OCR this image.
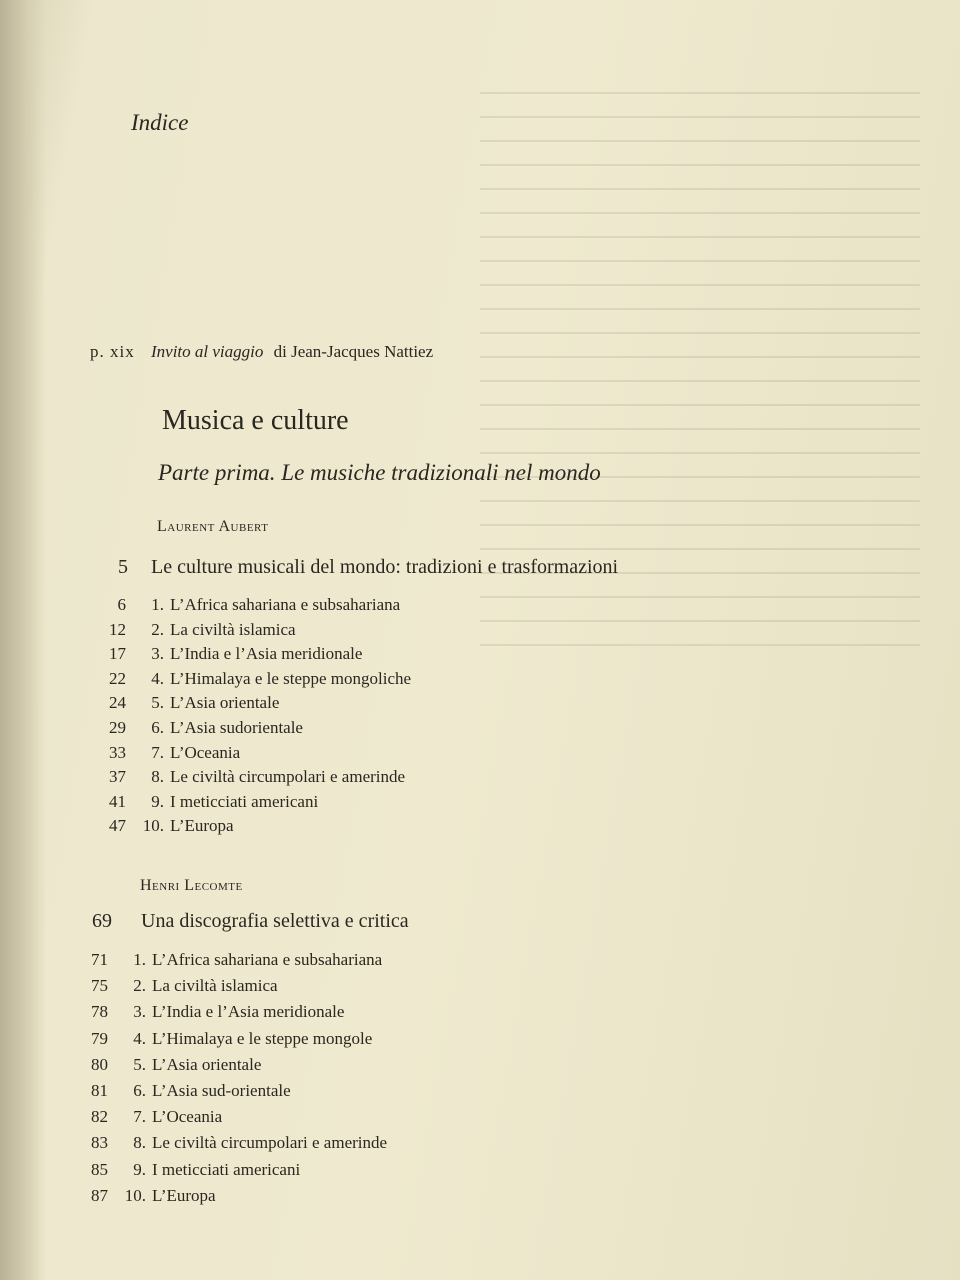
Indice
p. xix Invito al viaggio di Jean-Jacques Nattiez
Musica e culture
Parte prima. Le musiche tradizionali nel mondo
Laurent Aubert
5 Le culture musicali del mondo: tradizioni e trasformazioni
6 1. L’Africa sahariana e subsahariana
12 2. La civiltà islamica
17 3. L’India e l’Asia meridionale
22 4. L’Himalaya e le steppe mongoliche
24 5. L’Asia orientale
29 6. L’Asia sudorientale
33 7. L’Oceania
37 8. Le civiltà circumpolari e amerinde
41 9. I meticciati americani
47 10. L’Europa
Henri Lecomte
69 Una discografia selettiva e critica
71 1. L’Africa sahariana e subsahariana
75 2. La civiltà islamica
78 3. L’India e l’Asia meridionale
79 4. L’Himalaya e le steppe mongole
80 5. L’Asia orientale
81 6. L’Asia sud-orientale
82 7. L’Oceania
83 8. Le civiltà circumpolari e amerinde
85 9. I meticciati americani
87 10. L’Europa
